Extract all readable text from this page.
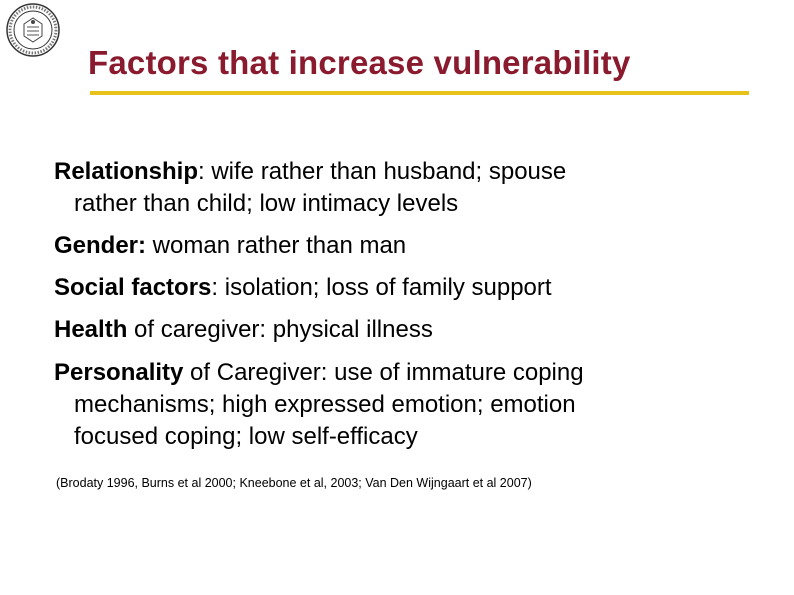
Factors that increase vulnerability
Relationship: wife rather than husband; spouse
rather than child; low intimacy levels
Gender: woman rather than man
Social factors: isolation; loss of family support
Health of caregiver: physical illness
Personality of Caregiver: use of immature coping
mechanisms; high expressed emotion; emotion
focused coping; low self-efficacy
(Brodaty 1996, Burns et al 2000; Kneebone et al, 2003; Van Den Wijngaart et al 2007)
